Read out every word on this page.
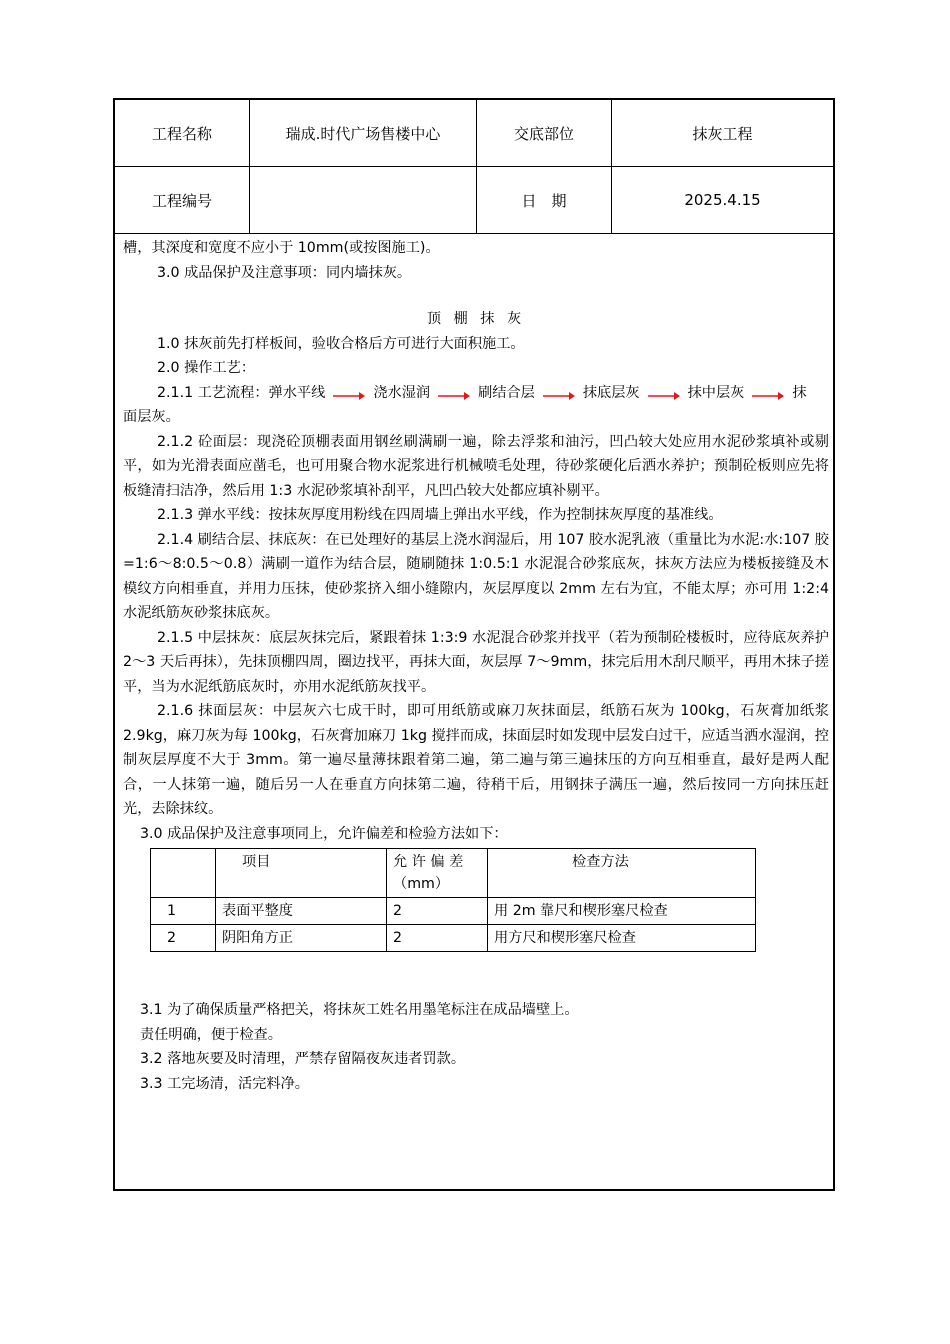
工程名称	瑞成.时代广场售楼中心	交底部位	抹灰工程
工程编号		日　期	2025.4.15

槽，其深度和宽度不应小于 10mm(或按图施工)。

3.0 成品保护及注意事项：同内墙抹灰。

顶 棚 抹 灰

1.0 抹灰前先打样板间，验收合格后方可进行大面积施工。

2.0 操作工艺：

2.1.1 工艺流程：弹水平线	浇水湿润	刷结合层	抹底层灰	抹中层灰	抹

面层灰。

2.1.2 砼面层：现浇砼顶棚表面用钢丝刷满刷一遍，除去浮浆和油污，凹凸较大处应用水泥砂浆填补或剔平，如为光滑表面应凿毛，也可用聚合物水泥浆进行机械喷毛处理，待砂浆硬化后洒水养护；预制砼板则应先将板缝清扫洁净，然后用 1:3 水泥砂浆填补刮平，凡凹凸较大处都应填补剔平。

2.1.3 弹水平线：按抹灰厚度用粉线在四周墙上弹出水平线，作为控制抹灰厚度的基准线。

2.1.4 刷结合层、抹底灰：在已处理好的基层上浇水润湿后，用 107 胶水泥乳液（重量比为水泥:水:107 胶=1:6～8:0.5～0.8）满刷一道作为结合层，随刷随抹 1:0.5:1 水泥混合砂浆底灰，抹灰方法应为楼板接缝及木模纹方向相垂直，并用力压抹，使砂浆挤入细小缝隙内，灰层厚度以 2mm 左右为宜，不能太厚；亦可用 1:2:4 水泥纸筋灰砂浆抹底灰。

2.1.5 中层抹灰：底层灰抹完后，紧跟着抹 1:3:9 水泥混合砂浆并找平（若为预制砼楼板时，应待底灰养护 2～3 天后再抹），先抹顶棚四周，圈边找平，再抹大面，灰层厚 7～9mm，抹完后用木刮尺顺平，再用木抹子搓平，当为水泥纸筋底灰时，亦用水泥纸筋灰找平。

2.1.6 抹面层灰：中层灰六七成干时，即可用纸筋或麻刀灰抹面层，纸筋石灰为 100kg，石灰膏加纸浆 2.9kg，麻刀灰为每 100kg，石灰膏加麻刀 1kg 搅拌而成，抹面层时如发现中层发白过干，应适当洒水湿润，控制灰层厚度不大于 3mm。第一遍尽量薄抹跟着第二遍，第二遍与第三遍抹压的方向互相垂直，最好是两人配合，一人抹第一遍，随后另一人在垂直方向抹第二遍，待稍干后，用钢抹子满压一遍，然后按同一方向抹压赶光，去除抹纹。

3.0 成品保护及注意事项同上，允许偏差和检验方法如下：

	项目	允 许 偏 差（mm）	检查方法
1	表面平整度	2	用 2m 靠尺和楔形塞尺检查
2	阴阳角方正	2	用方尺和楔形塞尺检查

3.1 为了确保质量严格把关，将抹灰工姓名用墨笔标注在成品墙壁上。

责任明确，便于检查。

3.2 落地灰要及时清理，严禁存留隔夜灰违者罚款。

3.3 工完场清，活完料净。
